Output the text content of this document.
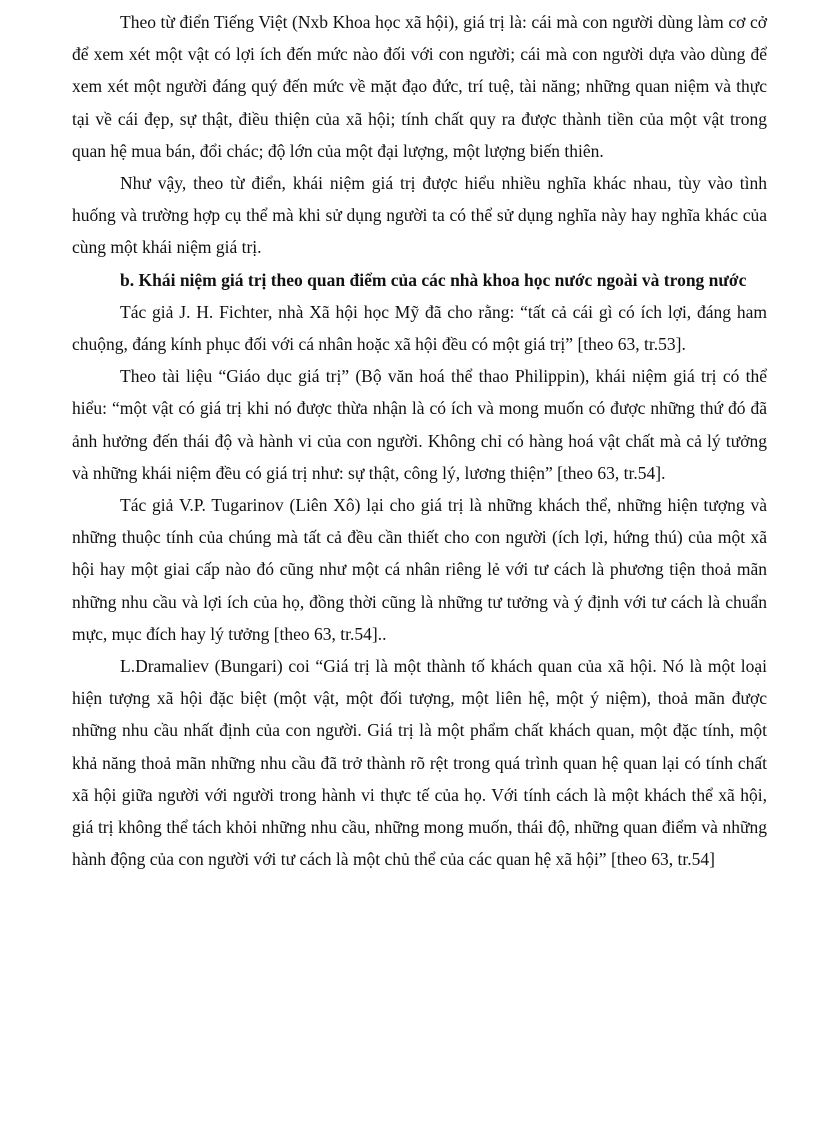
Theo từ điển Tiếng Việt (Nxb Khoa học xã hội), giá trị là: cái mà con người dùng làm cơ cở để xem xét một vật có lợi ích đến mức nào đối với con người; cái mà con người dựa vào dùng để xem xét một người đáng quý đến mức về mặt đạo đức, trí tuệ, tài năng; những quan niệm và thực tại về cái đẹp, sự thật, điều thiện của xã hội; tính chất quy ra được thành tiền của một vật trong quan hệ mua bán, đổi chác; độ lớn của một đại lượng, một lượng biến thiên.

Như vậy, theo từ điển, khái niệm giá trị được hiểu nhiều nghĩa khác nhau, tùy vào tình huống và trường hợp cụ thể mà khi sử dụng người ta có thể sử dụng nghĩa này hay nghĩa khác của cùng một khái niệm giá trị.

b. Khái niệm giá trị theo quan điểm của các nhà khoa học nước ngoài và trong nước

Tác giả J. H. Fichter, nhà Xã hội học Mỹ đã cho rằng: “tất cả cái gì có ích lợi, đáng ham chuộng, đáng kính phục đối với cá nhân hoặc xã hội đều có một giá trị” [theo 63, tr.53].

Theo tài liệu “Giáo dục giá trị” (Bộ văn hoá thể thao Philippin), khái niệm giá trị có thể hiểu: “một vật có giá trị khi nó được thừa nhận là có ích và mong muốn có được những thứ đó đã ảnh hưởng đến thái độ và hành vi của con người. Không chỉ có hàng hoá vật chất mà cả lý tưởng và những khái niệm đều có giá trị như: sự thật, công lý, lương thiện” [theo 63, tr.54].

Tác giả V.P. Tugarinov (Liên Xô) lại cho giá trị là những khách thể, những hiện tượng và những thuộc tính của chúng mà tất cả đều cần thiết cho con người (ích lợi, hứng thú) của một xã hội hay một giai cấp nào đó cũng như một cá nhân riêng lẻ với tư cách là phương tiện thoả mãn những nhu cầu và lợi ích của họ, đồng thời cũng là những tư tưởng và ý định với tư cách là chuẩn mực, mục đích hay lý tưởng [theo 63, tr.54]..

L.Dramaliev (Bungari) coi “Giá trị là một thành tố khách quan của xã hội. Nó là một loại hiện tượng xã hội đặc biệt (một vật, một đối tượng, một liên hệ, một ý niệm), thoả mãn được những nhu cầu nhất định của con người. Giá trị là một phẩm chất khách quan, một đặc tính, một khả năng thoả mãn những nhu cầu đã trở thành rõ rệt trong quá trình quan hệ quan lại có tính chất xã hội giữa người với người trong hành vi thực tế của họ. Với tính cách là một khách thể xã hội, giá trị không thể tách khỏi những nhu cầu, những mong muốn, thái độ, những quan điểm và những hành động của con người với tư cách là một chủ thể của các quan hệ xã hội” [theo 63, tr.54]
